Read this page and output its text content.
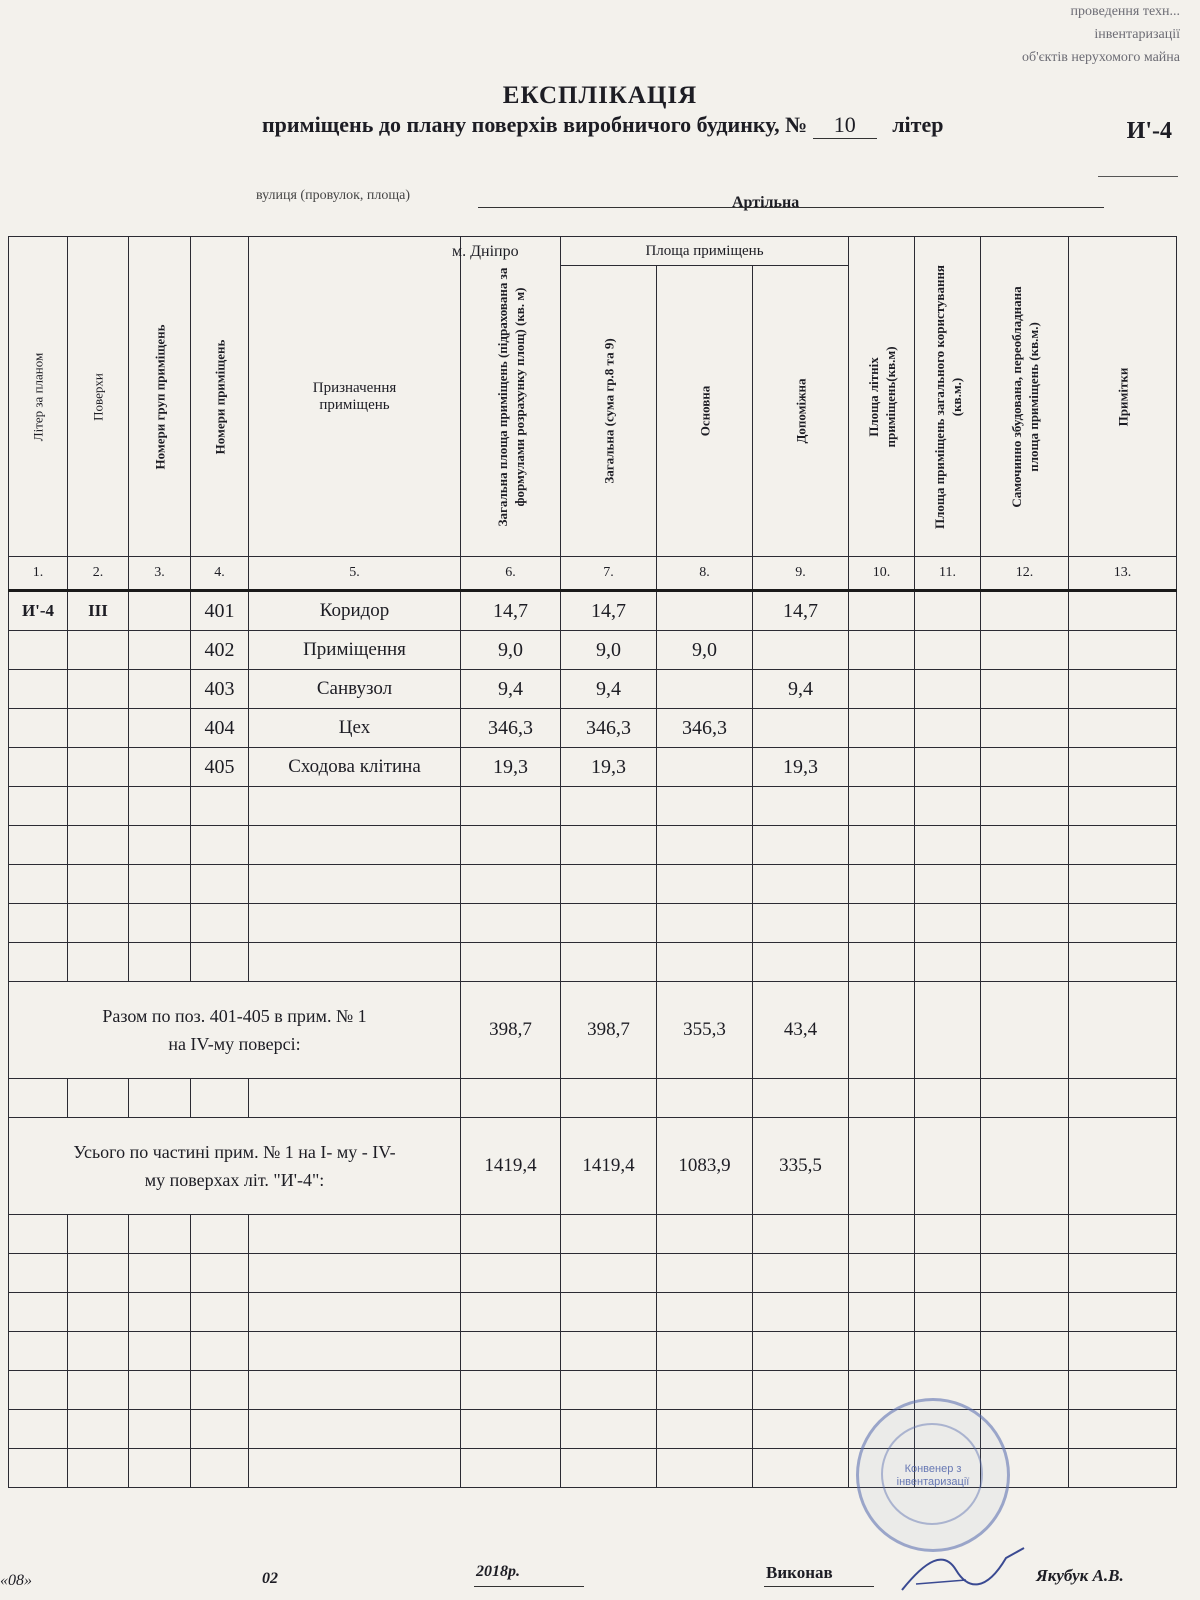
проведення техн...
інвентаризації
об'єктів нерухомого майна
ЕКСПЛІКАЦІЯ
приміщень до плану поверхів виробничого будинку, № 10 літер	И'-4
вулиця (провулок, площа)	Артільна
Літер за планом	Поверхи	Номери груп приміщень	Номери приміщень	Призначення приміщень	Загальна площа приміщень (підрахована за формулами розрахунку площ) (кв. м)	Площа приміщень			Площа літніх приміщень(кв.м)	Площа приміщень загального користування (кв.м.)	Самочинно збудована, переобладнана площа приміщень (кв.м.)	Примітки

						Загальна (сума гр.8 та 9)	Основна	Допоміжна				

1.	2.	3.	4.	5.	6.	7.	8.	9.	10.	11.	12.	13.
И'-4	III		401	Коридор	14,7	14,7		14,7				
			402	Приміщення	9,0	9,0	9,0					
			403	Санвузол	9,4	9,4		9,4				
			404	Цех	346,3	346,3	346,3					
			405	Сходова клітина	19,3	19,3		19,3				

Разом по поз. 401-405 в прим. № 1
на IV-му поверсі:					398,7	398,7	355,3	43,4				

Усього по частині прим. № 1 на І- му - IV-
му поверхах літ. "И'-4":					1419,4	1419,4	1083,9	335,5				

м. Дніпро
Конвенер з інвентаризації
«08»	02	2018р.	Виконав	Якубук А.В.
